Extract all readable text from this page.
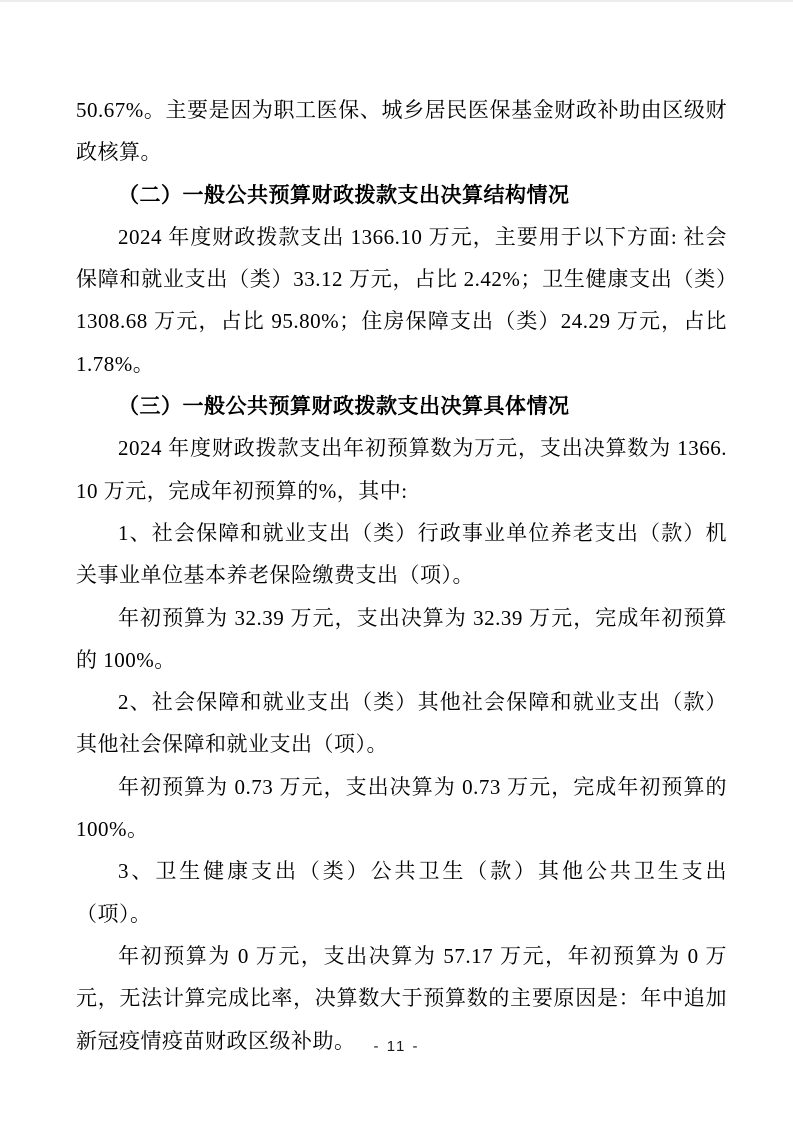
50.67%。主要是因为职工医保、城乡居民医保基金财政补助由区级财政核算。

（二）一般公共预算财政拨款支出决算结构情况

2024 年度财政拨款支出 1366.10 万元，主要用于以下方面: 社会保障和就业支出（类）33.12 万元，占比 2.42%；卫生健康支出（类）1308.68 万元，占比 95.80%；住房保障支出（类）24.29 万元，占比 1.78%。

（三）一般公共预算财政拨款支出决算具体情况

2024 年度财政拨款支出年初预算数为万元，支出决算数为 1366.10 万元，完成年初预算的%，其中:

1、社会保障和就业支出（类）行政事业单位养老支出（款）机关事业单位基本养老保险缴费支出（项）。

年初预算为 32.39 万元，支出决算为 32.39 万元，完成年初预算的 100%。

2、社会保障和就业支出（类）其他社会保障和就业支出（款）其他社会保障和就业支出（项）。

年初预算为 0.73 万元，支出决算为 0.73 万元，完成年初预算的 100%。

3、卫生健康支出（类）公共卫生（款）其他公共卫生支出（项）。

年初预算为 0 万元，支出决算为 57.17 万元，年初预算为 0 万元，无法计算完成比率，决算数大于预算数的主要原因是：年中追加新冠疫情疫苗财政区级补助。	- 11 -
